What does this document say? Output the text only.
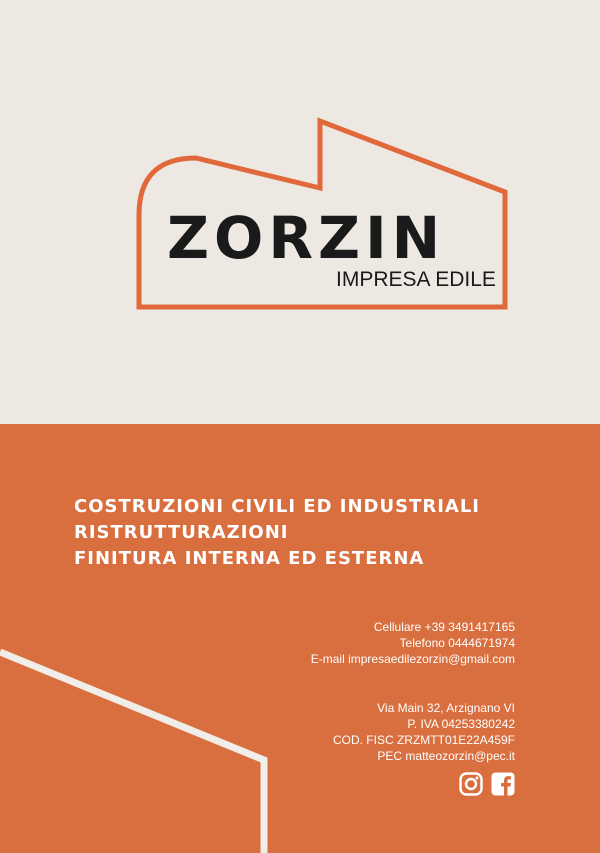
ZORZIN
IMPRESA EDILE
COSTRUZIONI CIVILI ED INDUSTRIALI
RISTRUTTURAZIONI
FINITURA INTERNA ED ESTERNA
Cellulare +39 3491417165
Telefono 0444671974
E-mail impresaedilezorzin@gmail.com
Via Main 32, Arzignano VI
P. IVA 04253380242
COD. FISC ZRZMTT01E22A459F
PEC matteozorzin@pec.it
